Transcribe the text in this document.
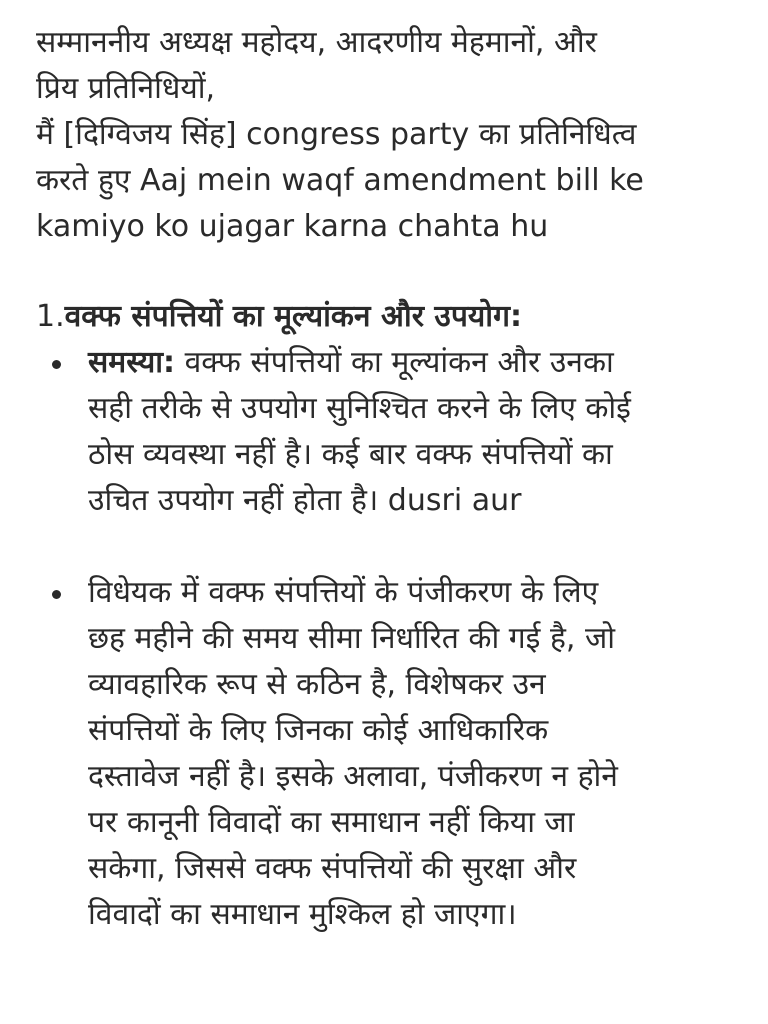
सम्माननीय अध्यक्ष महोदय, आदरणीय मेहमानों, और
प्रिय प्रतिनिधियों,
मैं [दिग्विजय सिंह] congress party का प्रतिनिधित्व
करते हुए Aaj mein waqf amendment bill ke
kamiyo ko ujagar karna chahta hu

1.वक्फ संपत्तियों का मूल्यांकन और उपयोग:
समस्या: वक्फ संपत्तियों का मूल्यांकन और उनका
सही तरीके से उपयोग सुनिश्चित करने के लिए कोई
ठोस व्यवस्था नहीं है। कई बार वक्फ संपत्तियों का
उचित उपयोग नहीं होता है। dusri aur
विधेयक में वक्फ संपत्तियों के पंजीकरण के लिए
छह महीने की समय सीमा निर्धारित की गई है, जो
व्यावहारिक रूप से कठिन है, विशेषकर उन
संपत्तियों के लिए जिनका कोई आधिकारिक
दस्तावेज नहीं है। इसके अलावा, पंजीकरण न होने
पर कानूनी विवादों का समाधान नहीं किया जा
सकेगा, जिससे वक्फ संपत्तियों की सुरक्षा और
विवादों का समाधान मुश्किल हो जाएगा।
